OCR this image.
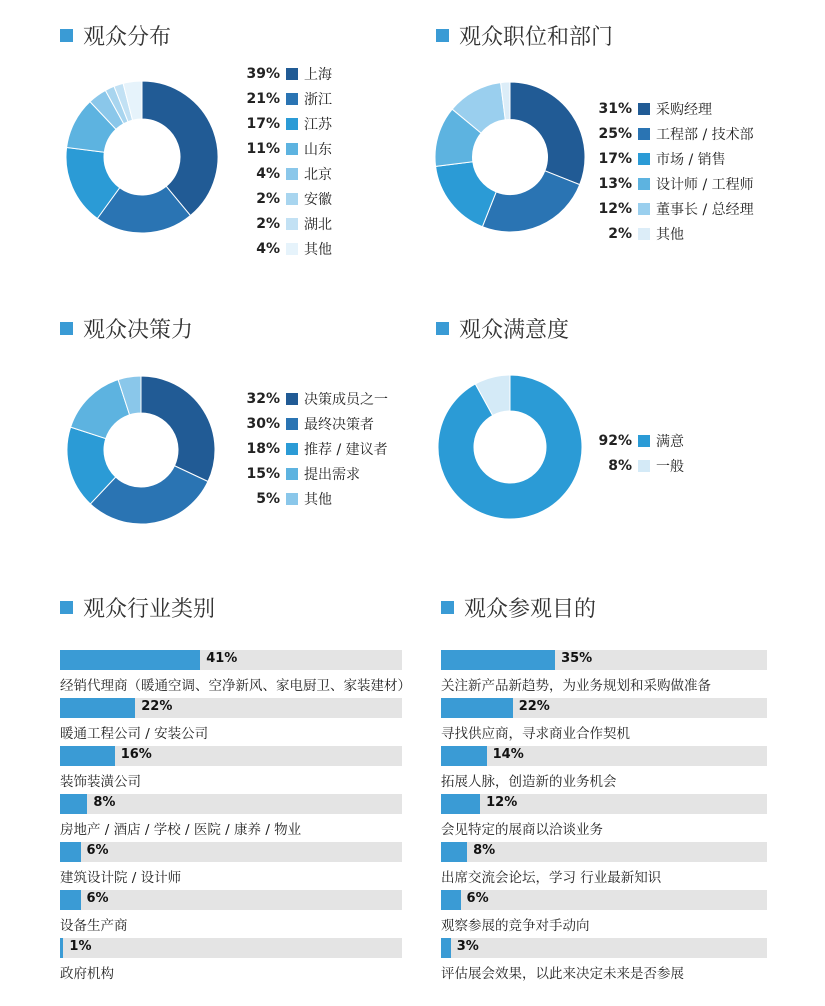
观众分布	观众职位和部门
观众决策力	观众满意度
观众行业类别	观众参观目的
39% 上海
21% 浙江
17% 江苏
11% 山东
4% 北京
2% 安徽
2% 湖北
4% 其他
31% 采购经理
25% 工程部 / 技术部
17% 市场 / 销售
13% 设计师 / 工程师
12% 董事长 / 总经理
2% 其他
32% 决策成员之一
30% 最终决策者
18% 推荐 / 建议者
15% 提出需求
5% 其他
92% 满意
8% 一般
41%
经销代理商（暖通空调、空净新风、家电厨卫、家装建材）
22%
暖通工程公司 / 安装公司
16%
装饰装潢公司
8%
房地产 / 酒店 / 学校 / 医院 / 康养 / 物业
6%
建筑设计院 / 设计师
6%
设备生产商
1%
政府机构
35%
关注新产品新趋势，为业务规划和采购做准备
22%
寻找供应商，寻求商业合作契机
14%
拓展人脉，创造新的业务机会
12%
会见特定的展商以洽谈业务
8%
出席交流会论坛，学习 行业最新知识
6%
观察参展的竞争对手动向
3%
评估展会效果，以此来决定未来是否参展
